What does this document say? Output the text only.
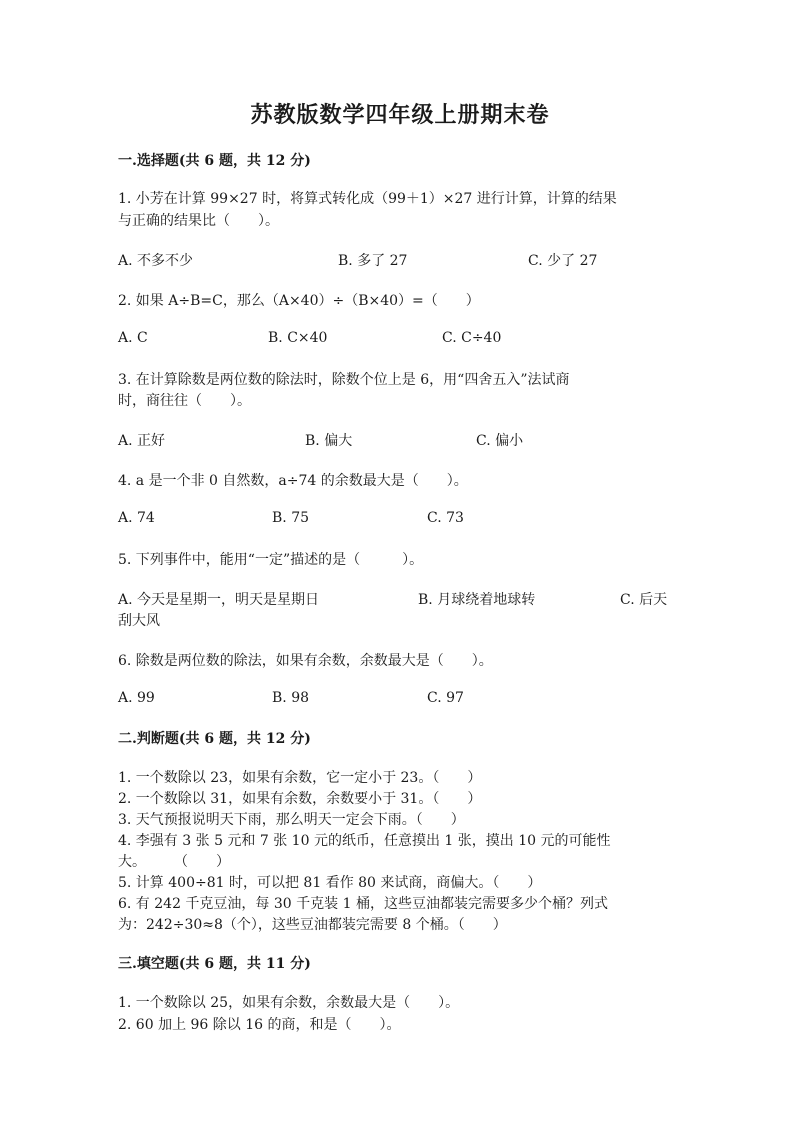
苏教版数学四年级上册期末卷
一.选择题(共 6 题，共 12 分)
1. 小芳在计算 99×27 时，将算式转化成（99＋1）×27 进行计算，计算的结果
与正确的结果比（　　）。
A. 不多不少	B. 多了 27	C. 少了 27
2. 如果 A÷B=C，那么（A×40）÷（B×40）=（　　）
A. C	B. C×40	C. C÷40
3. 在计算除数是两位数的除法时，除数个位上是 6，用“四舍五入”法试商
时，商往往（　　）。
A. 正好	B. 偏大	C. 偏小
4. a 是一个非 0 自然数，a÷74 的余数最大是（　　）。
A. 74	B. 75	C. 73
5. 下列事件中，能用“一定”描述的是（　　　）。
A. 今天是星期一，明天是星期日	B. 月球绕着地球转	C. 后天
刮大风
6. 除数是两位数的除法，如果有余数，余数最大是（　　）。
A. 99	B. 98	C. 97
二.判断题(共 6 题，共 12 分)
1. 一个数除以 23，如果有余数，它一定小于 23。（　　）
2. 一个数除以 31，如果有余数，余数要小于 31。（　　）
3. 天气预报说明天下雨，那么明天一定会下雨。（　　）
4. 李强有 3 张 5 元和 7 张 10 元的纸币，任意摸出 1 张，摸出 10 元的可能性
大。　　　（　　）
5. 计算 400÷81 时，可以把 81 看作 80 来试商，商偏大。（　　）
6. 有 242 千克豆油，每 30 千克装 1 桶，这些豆油都装完需要多少个桶？列式
为：242÷30≈8（个），这些豆油都装完需要 8 个桶。（　　）
三.填空题(共 6 题，共 11 分)
1. 一个数除以 25，如果有余数，余数最大是（　　）。
2. 60 加上 96 除以 16 的商，和是（　　）。
